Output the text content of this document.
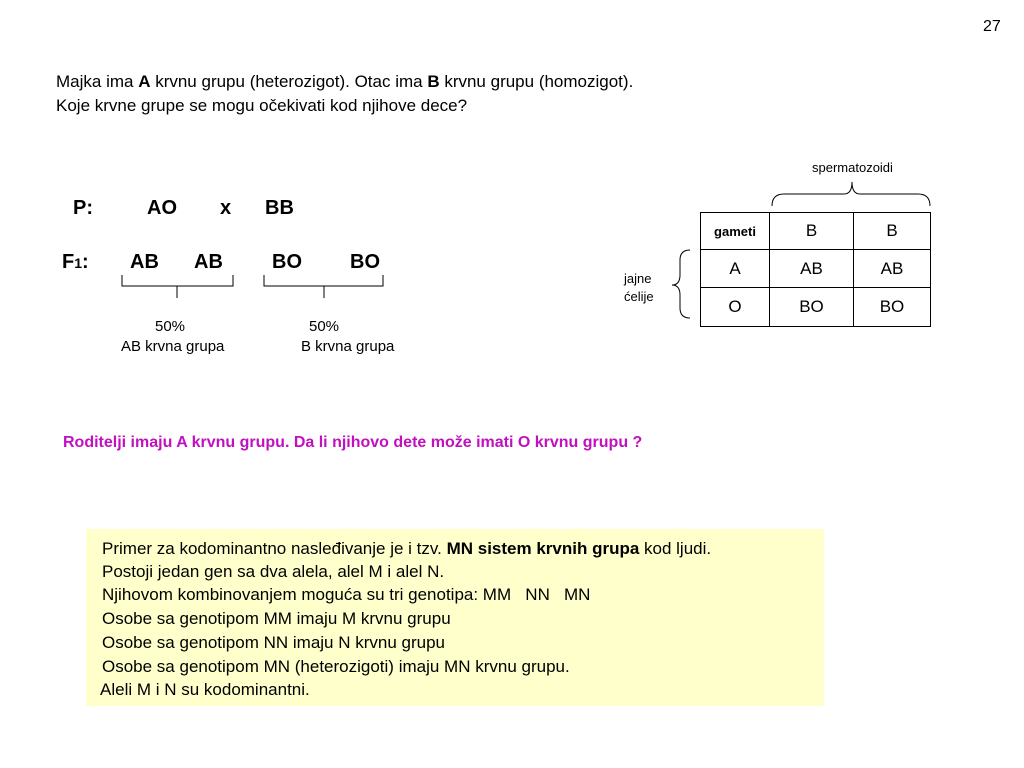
27
Majka ima A krvnu grupu (heterozigot). Otac ima B krvnu grupu (homozigot).
Koje krvne grupe se mogu očekivati kod njihove dece?
P:	AO x BB
F1: AB AB BO BO
50%
AB krvna grupa
50%
B krvna grupa
spermatozoidi
jajne
ćelije
gameti	B	B
A	AB	AB
O	BO	BO
Roditelji imaju A krvnu grupu. Da li njihovo dete može imati O krvnu grupu ?
Primer za kodominantno nasleđivanje je i tzv. MN sistem krvnih grupa kod ljudi.
Postoji jedan gen sa dva alela, alel M i alel N.
Njihovom kombinovanjem moguća su tri genotipa: MM   NN   MN
Osobe sa genotipom MM imaju M krvnu grupu
Osobe sa genotipom NN imaju N krvnu grupu
Osobe sa genotipom MN (heterozigoti) imaju MN krvnu grupu.
Aleli M i N su kodominantni.
